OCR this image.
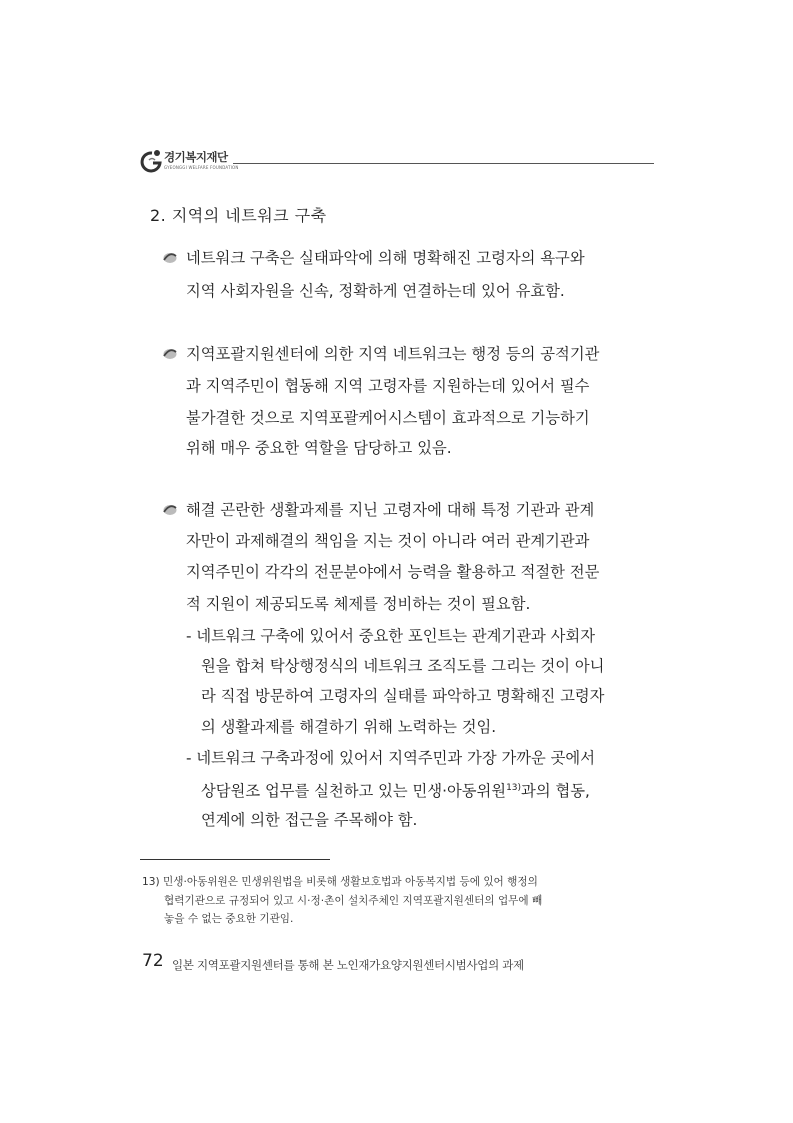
경기복지재단
GYEONGGI WELFARE FOUNDATION
2. 지역의 네트워크 구축
네트워크 구축은 실태파악에 의해 명확해진 고령자의 욕구와
지역 사회자원을 신속, 정확하게 연결하는데 있어 유효함.
지역포괄지원센터에 의한 지역 네트워크는 행정 등의 공적기관
과 지역주민이 협동해 지역 고령자를 지원하는데 있어서 필수
불가결한 것으로 지역포괄케어시스템이 효과적으로 기능하기
위해 매우 중요한 역할을 담당하고 있음.
해결 곤란한 생활과제를 지닌 고령자에 대해 특정 기관과 관계
자만이 과제해결의 책임을 지는 것이 아니라 여러 관계기관과
지역주민이 각각의 전문분야에서 능력을 활용하고 적절한 전문
적 지원이 제공되도록 체제를 정비하는 것이 필요함.
- 네트워크 구축에 있어서 중요한 포인트는 관계기관과 사회자
원을 합쳐 탁상행정식의 네트워크 조직도를 그리는 것이 아니
라 직접 방문하여 고령자의 실태를 파악하고 명확해진 고령자
의 생활과제를 해결하기 위해 노력하는 것임.
- 네트워크 구축과정에 있어서 지역주민과 가장 가까운 곳에서
상담원조 업무를 실천하고 있는 민생·아동위원$^{13)}$과의 협동,
연계에 의한 접근을 주목해야 함.
13) 민생·아동위원은 민생위원법을 비롯해 생활보호법과 아동복지법 등에 있어 행정의
협력기관으로 규정되어 있고 시·정·촌이 설치주체인 지역포괄지원센터의 업무에 빼
놓을 수 없는 중요한 기관임.
72 일본 지역포괄지원센터를 통해 본 노인재가요양지원센터시범사업의 과제
